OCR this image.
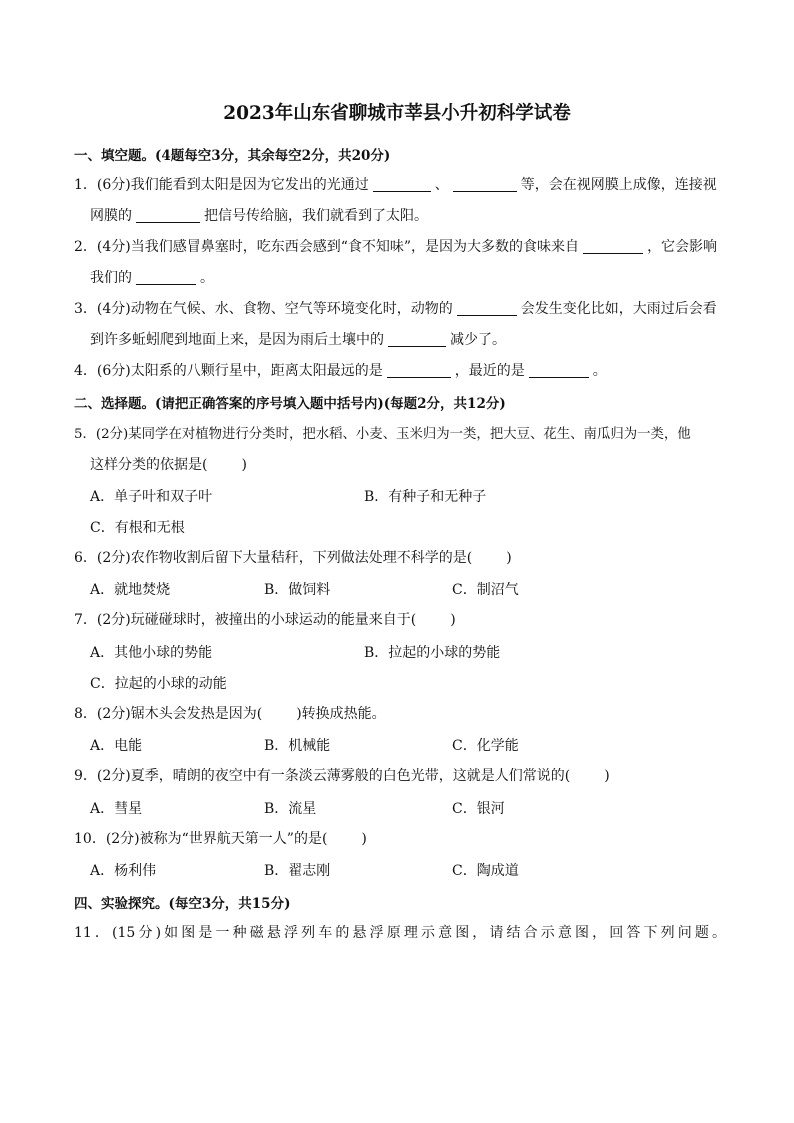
2023年山东省聊城市莘县小升初科学试卷
一、填空题。(4题每空3分，其余每空2分，共20分)
1．(6分)我们能看到太阳是因为它发出的光通过	、	等，会在视网膜上成像，连接视
网膜的	把信号传给脑，我们就看到了太阳。
2．(4分)当我们感冒鼻塞时，吃东西会感到“食不知味”，是因为大多数的食味来自	，它会影响
我们的	。
3．(4分)动物在气候、水、食物、空气等环境变化时，动物的	会发生变化比如，大雨过后会看
到许多蚯蚓爬到地面上来，是因为雨后土壤中的	减少了。
4．(6分)太阳系的八颗行星中，距离太阳最远的是	，最近的是	。
二、选择题。(请把正确答案的序号填入题中括号内)(每题2分，共12分)
5．(2分)某同学在对植物进行分类时，把水稻、小麦、玉米归为一类，把大豆、花生、南瓜归为一类，他
这样分类的依据是( )
A．单子叶和双子叶	B．有种子和无种子
C．有根和无根
6．(2分)农作物收割后留下大量秸秆，下列做法处理不科学的是( )
A．就地焚烧	B．做饲料	C．制沼气
7．(2分)玩碰碰球时，被撞出的小球运动的能量来自于( )
A．其他小球的势能	B．拉起的小球的势能
C．拉起的小球的动能
8．(2分)锯木头会发热是因为( )转换成热能。
A．电能	B．机械能	C．化学能
9．(2分)夏季，晴朗的夜空中有一条淡云薄雾般的白色光带，这就是人们常说的( )
A．彗星	B．流星	C．银河
10．(2分)被称为“世界航天第一人”的是( )
A．杨利伟	B．翟志刚	C．陶成道
四、实验探究。(每空3分，共15分)
11．(15分)如图是一种磁悬浮列车的悬浮原理示意图，请结合示意图，回答下列问题。
